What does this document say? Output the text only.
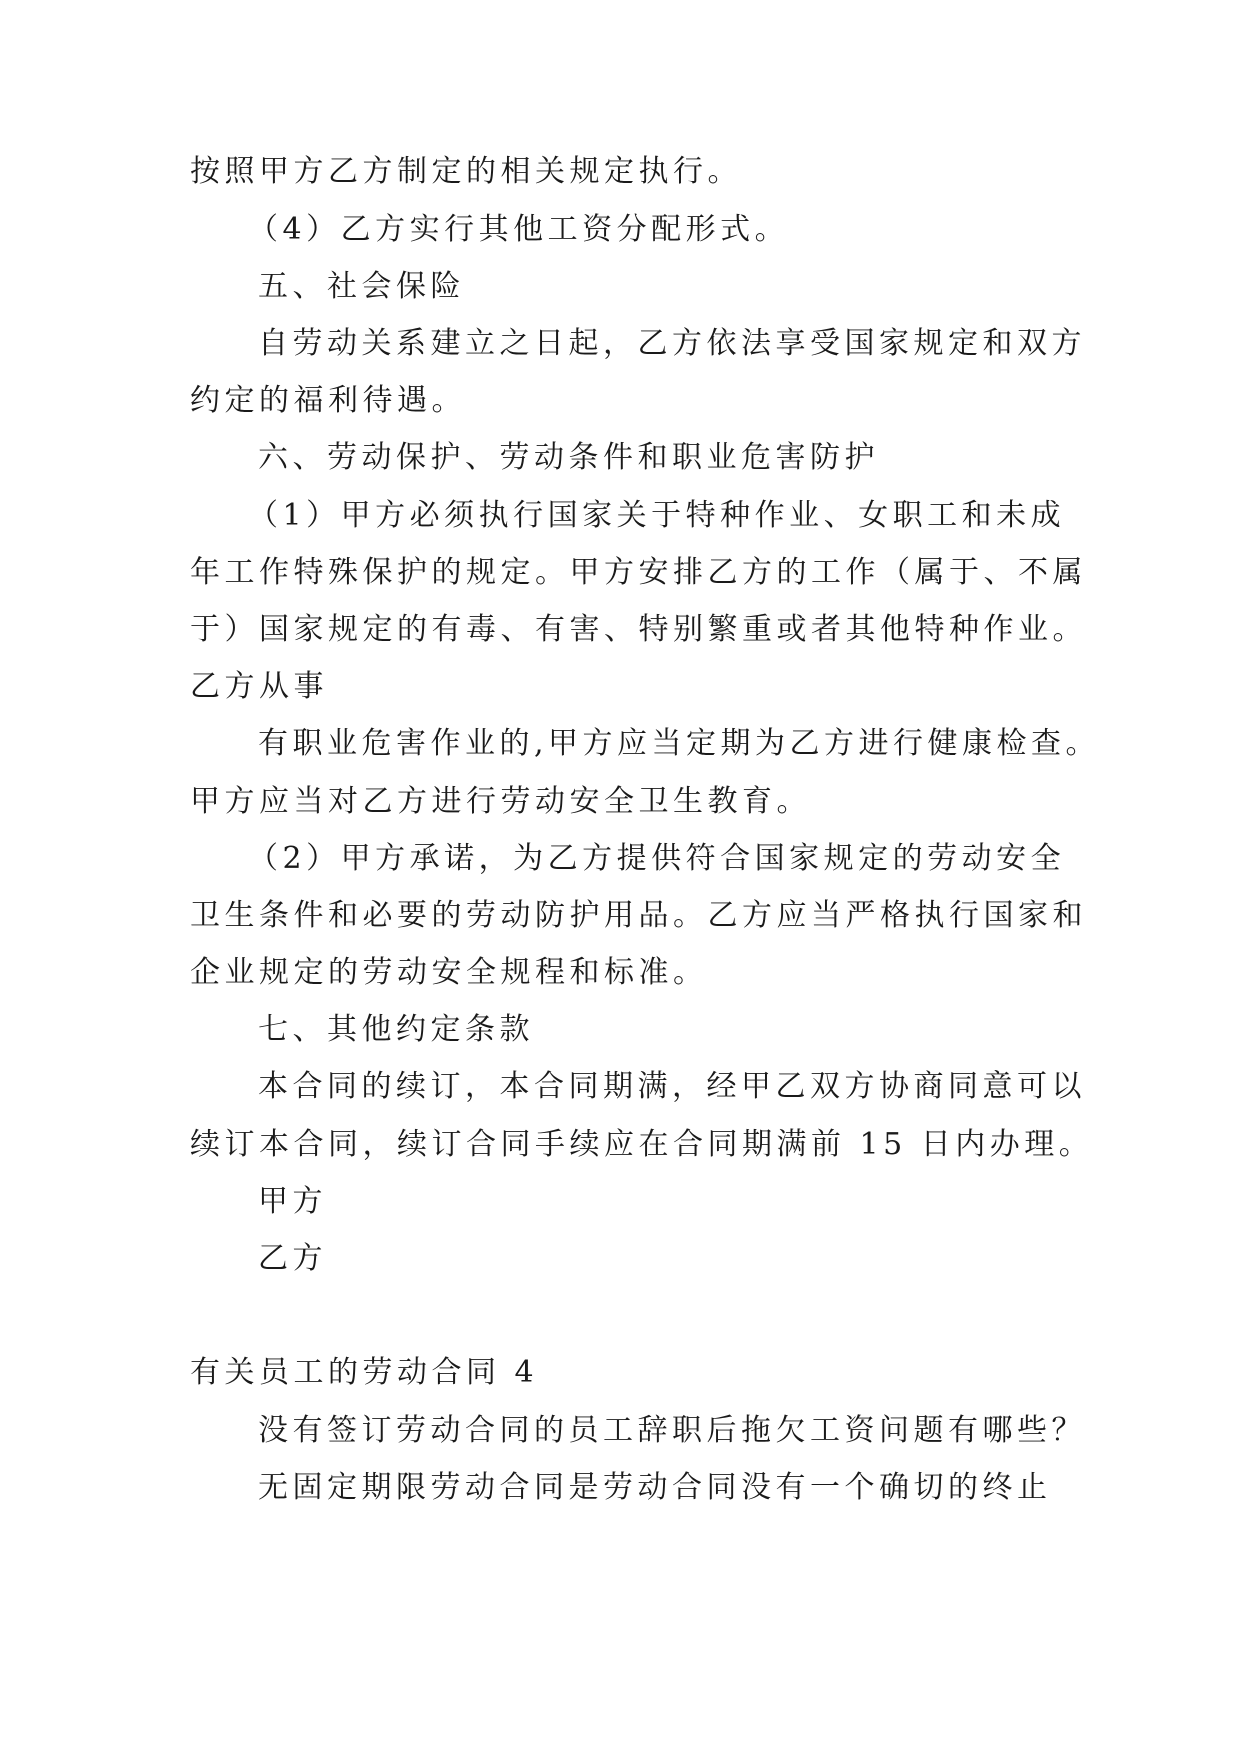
按照甲方乙方制定的相关规定执行。

（4）乙方实行其他工资分配形式。

五、社会保险

自劳动关系建立之日起，乙方依法享受国家规定和双方

约定的福利待遇。

六、劳动保护、劳动条件和职业危害防护

（1）甲方必须执行国家关于特种作业、女职工和未成

年工作特殊保护的规定。甲方安排乙方的工作（属于、不属

于）国家规定的有毒、有害、特别繁重或者其他特种作业。

乙方从事

有职业危害作业的,甲方应当定期为乙方进行健康检查。

甲方应当对乙方进行劳动安全卫生教育。

（2）甲方承诺，为乙方提供符合国家规定的劳动安全

卫生条件和必要的劳动防护用品。乙方应当严格执行国家和

企业规定的劳动安全规程和标准。

七、其他约定条款

本合同的续订，本合同期满，经甲乙双方协商同意可以

续订本合同，续订合同手续应在合同期满前 15 日内办理。

甲方

乙方

有关员工的劳动合同 4

没有签订劳动合同的员工辞职后拖欠工资问题有哪些？

无固定期限劳动合同是劳动合同没有一个确切的终止
